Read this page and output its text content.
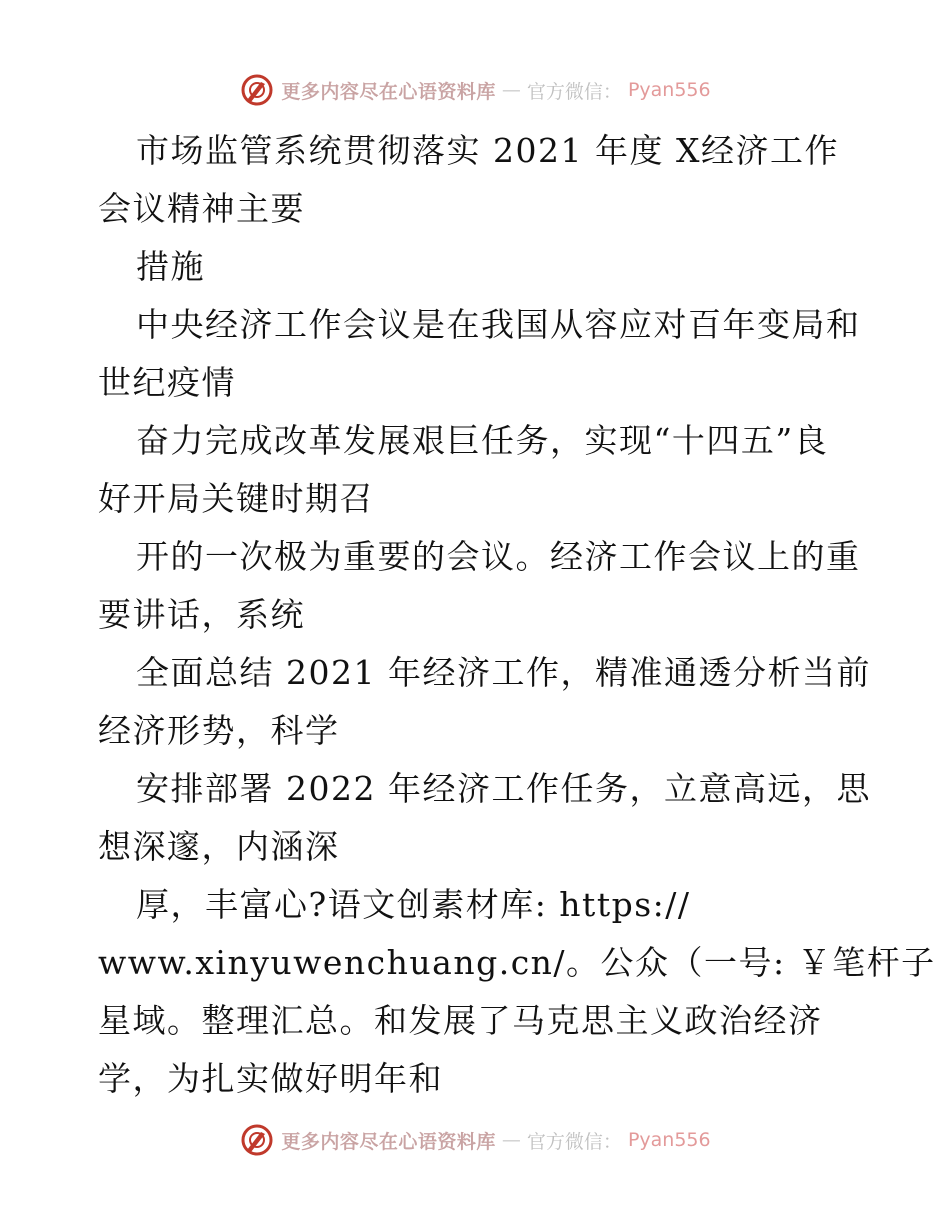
更多内容尽在心语资料库 — 官方微信： Pyan556
市场监管系统贯彻落实 2021 年度 X经济工作
会议精神主要
措施
中央经济工作会议是在我国从容应对百年变局和
世纪疫情
奋力完成改革发展艰巨任务，实现“十四五”良
好开局关键时期召
开的一次极为重要的会议。经济工作会议上的重
要讲话，系统
全面总结 2021 年经济工作，精准通透分析当前
经济形势，科学
安排部署 2022 年经济工作任务，立意高远，思
想深邃，内涵深
厚，丰富心?语文创素材库: https://
www.xinyuwenchuang.cn/。公众（一号: ￥笔杆子
星域。整理汇总。和发展了马克思主义政治经济
学，为扎实做好明年和
更多内容尽在心语资料库 — 官方微信： Pyan556
